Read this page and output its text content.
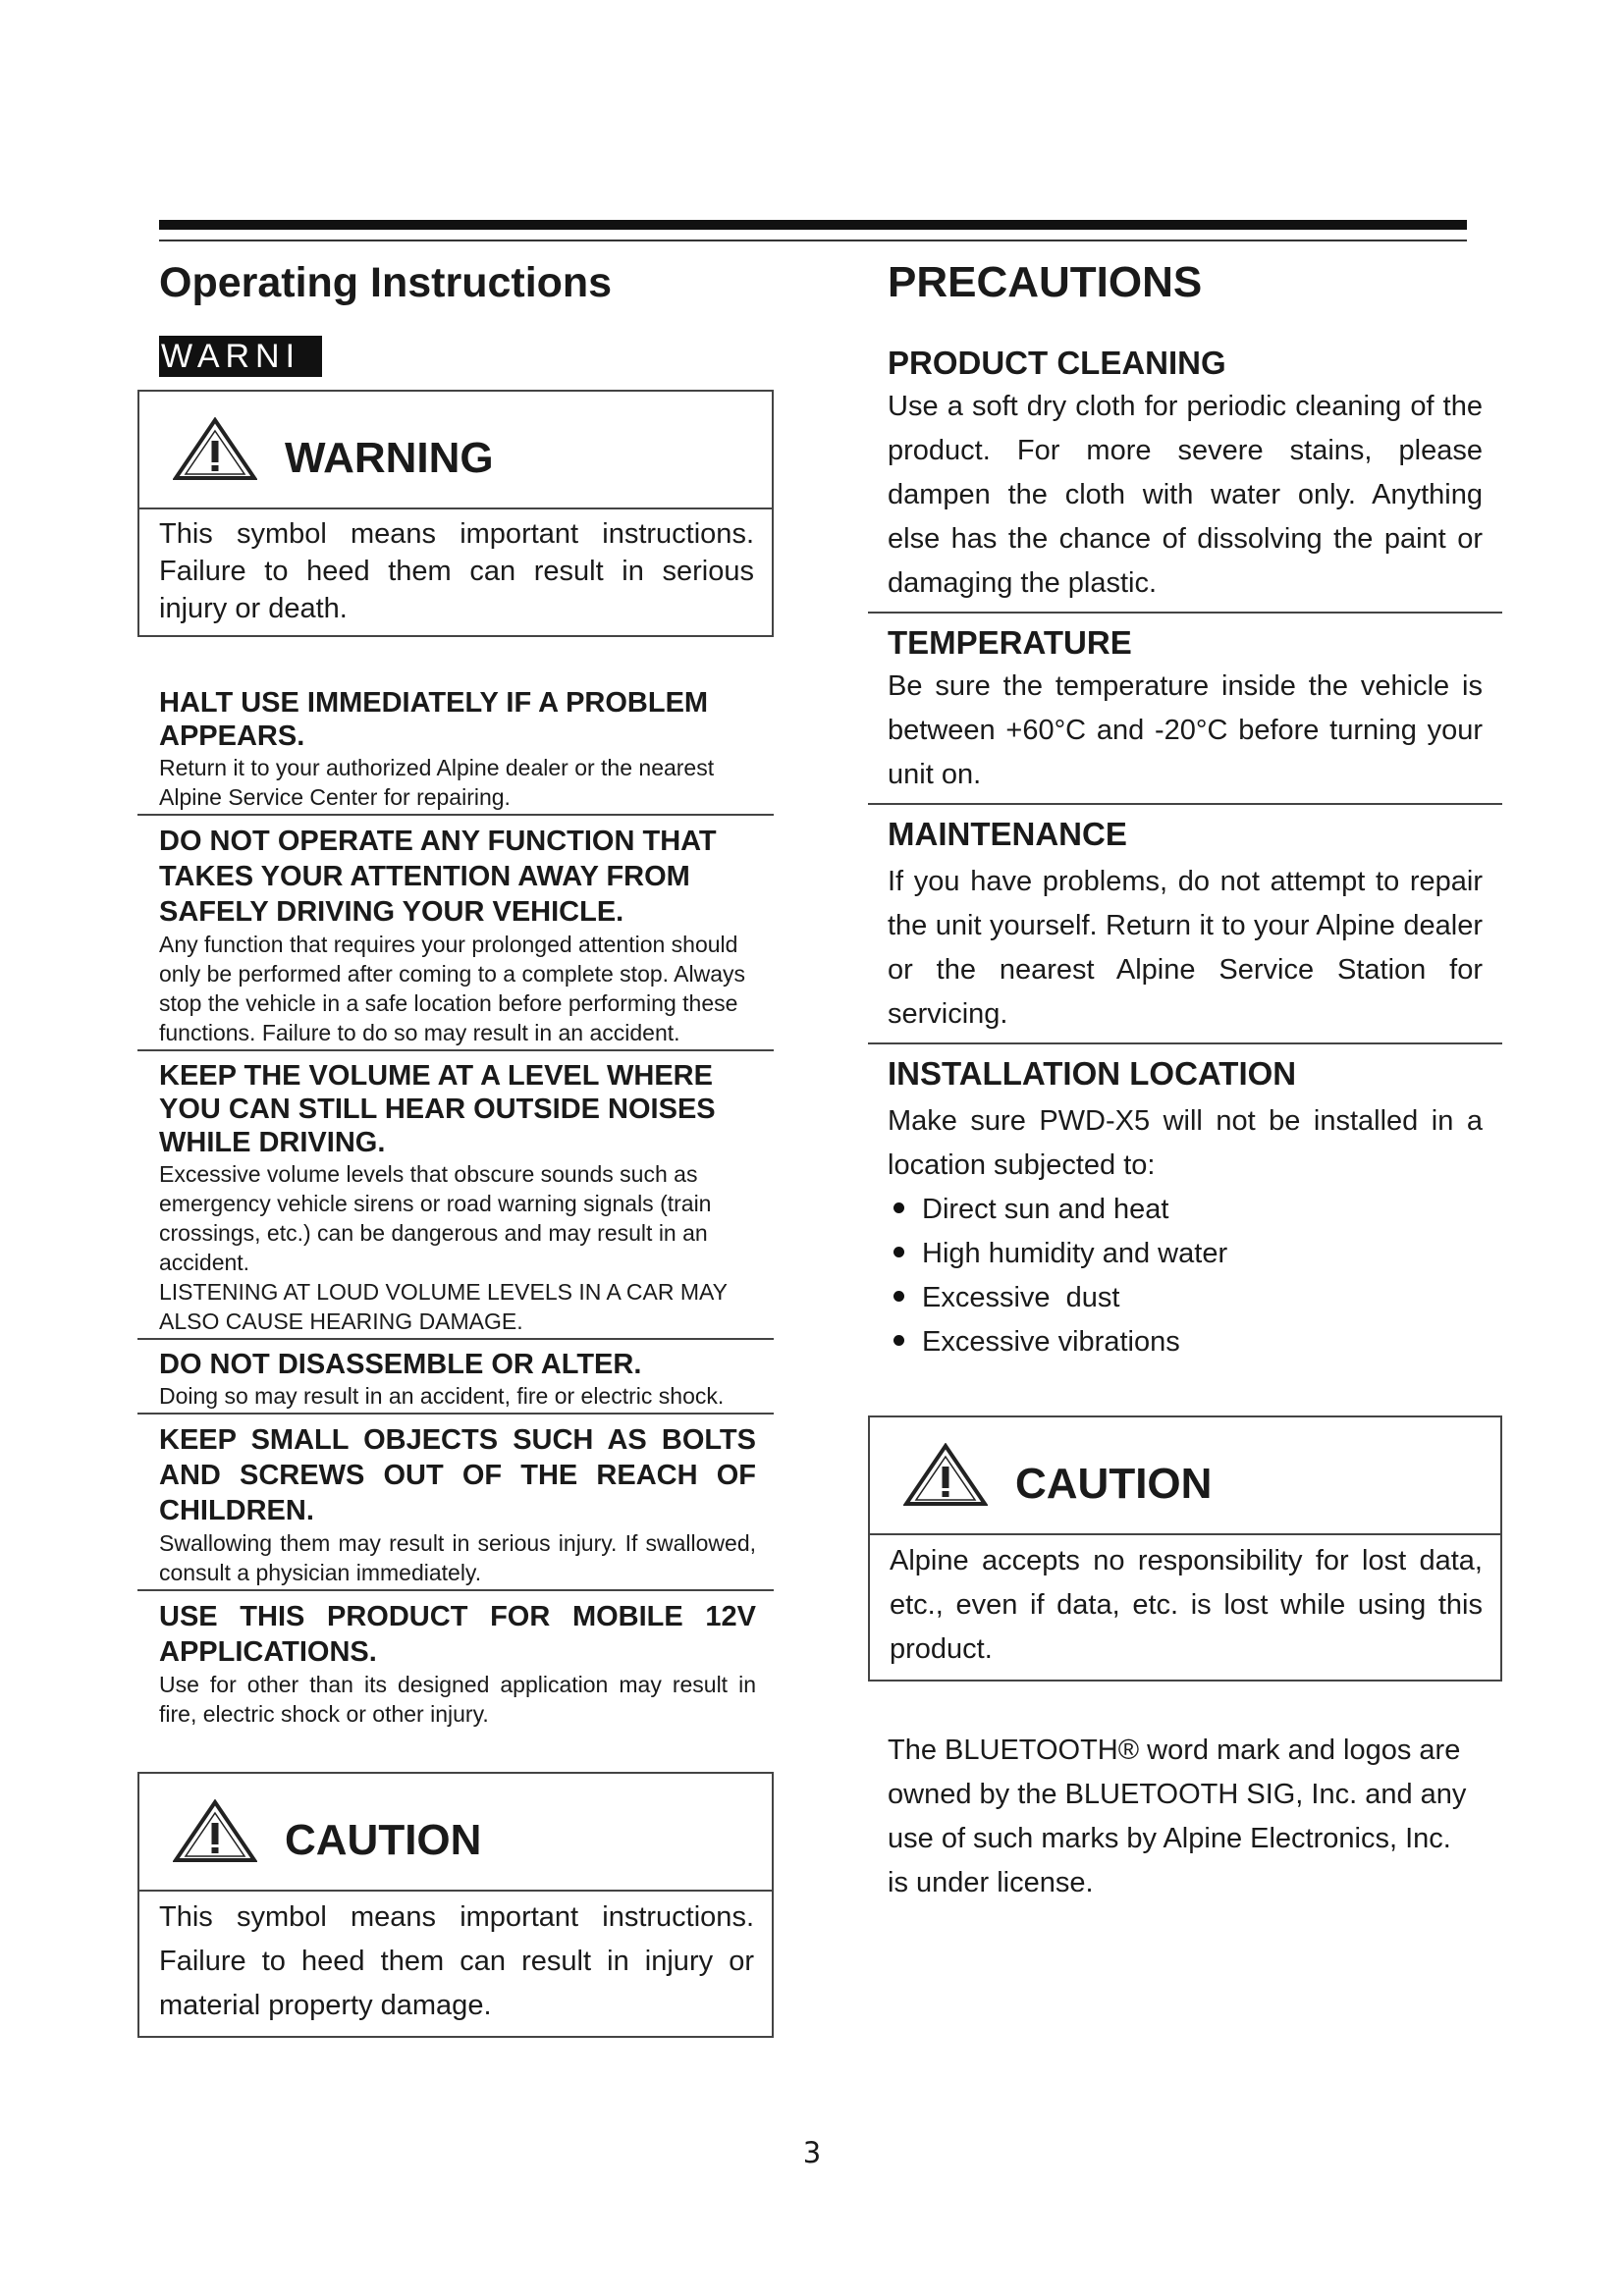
Operating Instructions
WARNI
WARNING
This symbol means important instructions. Failure to heed them can result in serious injury or death.

HALT USE IMMEDIATELY IF A PROBLEM APPEARS.

Return it to your authorized Alpine dealer or the nearest Alpine Service Center for repairing.

DO NOT OPERATE ANY FUNCTION THAT TAKES YOUR ATTENTION AWAY FROM SAFELY DRIVING YOUR VEHICLE.

Any function that requires your prolonged attention should only be performed after coming to a complete stop. Always stop the vehicle in a safe location before performing these functions. Failure to do so may result in an accident.

KEEP THE VOLUME AT A LEVEL WHERE YOU CAN STILL HEAR OUTSIDE NOISES WHILE DRIVING.

Excessive volume levels that obscure sounds such as emergency vehicle sirens or road warning signals (train crossings, etc.) can be dangerous and may result in an accident.

LISTENING AT LOUD VOLUME LEVELS IN A CAR MAY ALSO CAUSE HEARING DAMAGE.

DO NOT DISASSEMBLE OR ALTER.

Doing so may result in an accident, fire or electric shock.

KEEP SMALL OBJECTS SUCH AS BOLTS AND SCREWS OUT OF THE REACH OF CHILDREN.

Swallowing them may result in serious injury. If swallowed, consult a physician immediately.

USE THIS PRODUCT FOR MOBILE 12V APPLICATIONS.

Use for other than its designed application may result in fire, electric shock or other injury.

CAUTION
This symbol means important instructions. Failure to heed them can result in injury or material property damage.
PRECAUTIONS

PRODUCT CLEANING

Use a soft dry cloth for periodic cleaning of the product. For more severe stains, please dampen the cloth with water only. Anything else has the chance of dissolving the paint or damaging the plastic.

TEMPERATURE

Be sure the temperature inside the vehicle is between +60°C and -20°C before turning your unit on.

MAINTENANCE

If you have problems, do not attempt to repair the unit yourself. Return it to your Alpine dealer or the nearest Alpine Service Station for servicing.

INSTALLATION LOCATION

Make sure PWD-X5 will not be installed in a location subjected to:

Direct sun and heat
High humidity and water
Excessive  dust
Excessive vibrations
CAUTION
Alpine accepts no responsibility for lost data, etc., even if data, etc. is lost while using this product.

The BLUETOOTH® word mark and logos are

owned by the BLUETOOTH SIG, Inc. and any

use of such marks by Alpine Electronics, Inc.

is under license.

3
